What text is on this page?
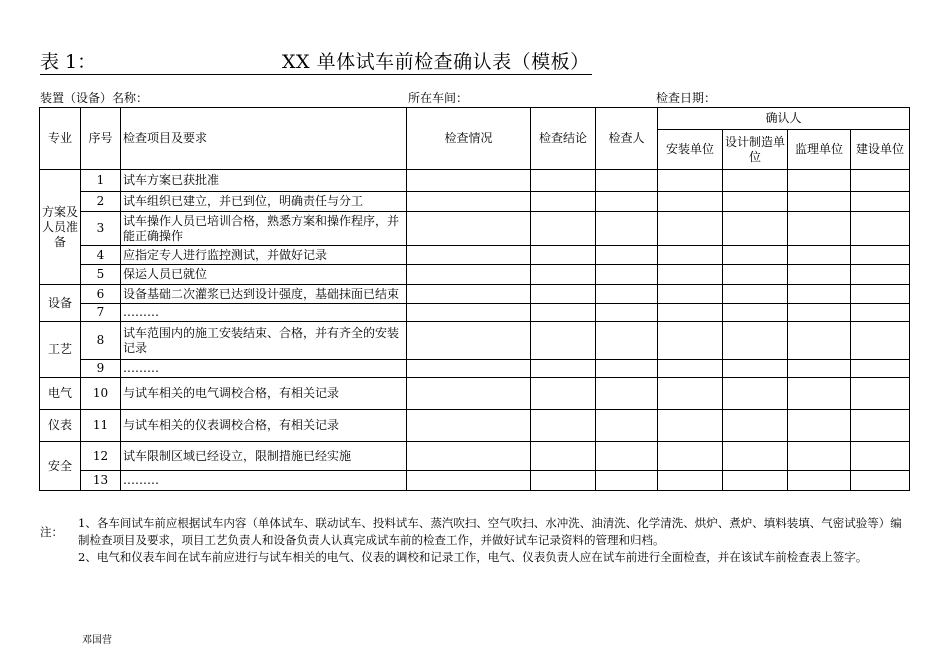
表 1：	XX 单体试车前检查确认表（模板）
装置（设备）名称：	所在车间：	检查日期：
专业	序号	检查项目及要求	检查情况	检查结论	检查人	确认人			
						安装单位	设计制造单位	监理单位	建设单位
方案及人员准备	1	试车方案已获批准							
	2	试车组织已建立，并已到位，明确责任与分工							
	3	试车操作人员已培训合格，熟悉方案和操作程序，并能正确操作							
	4	应指定专人进行监控测试，并做好记录							
	5	保运人员已就位							
设备	6	设备基础二次灌浆已达到设计强度，基础抹面已结束							
	7	………							
工艺	8	试车范围内的施工安装结束、合格，并有齐全的安装记录							
	9	………							
电气	10	与试车相关的电气调校合格，有相关记录							
仪表	11	与试车相关的仪表调校合格，有相关记录							
安全	12	试车限制区域已经设立，限制措施已经实施							
	13	………							
注：
1、各车间试车前应根据试车内容（单体试车、联动试车、投料试车、蒸汽吹扫、空气吹扫、水冲洗、油清洗、化学清洗、烘炉、煮炉、填料装填、气密试验等）编制检查项目及要求，项目工艺负责人和设备负责人认真完成试车前的检查工作，并做好试车记录资料的管理和归档。
2、电气和仪表车间在试车前应进行与试车相关的电气、仪表的调校和记录工作，电气、仪表负责人应在试车前进行全面检查，并在该试车前检查表上签字。
邓国营
